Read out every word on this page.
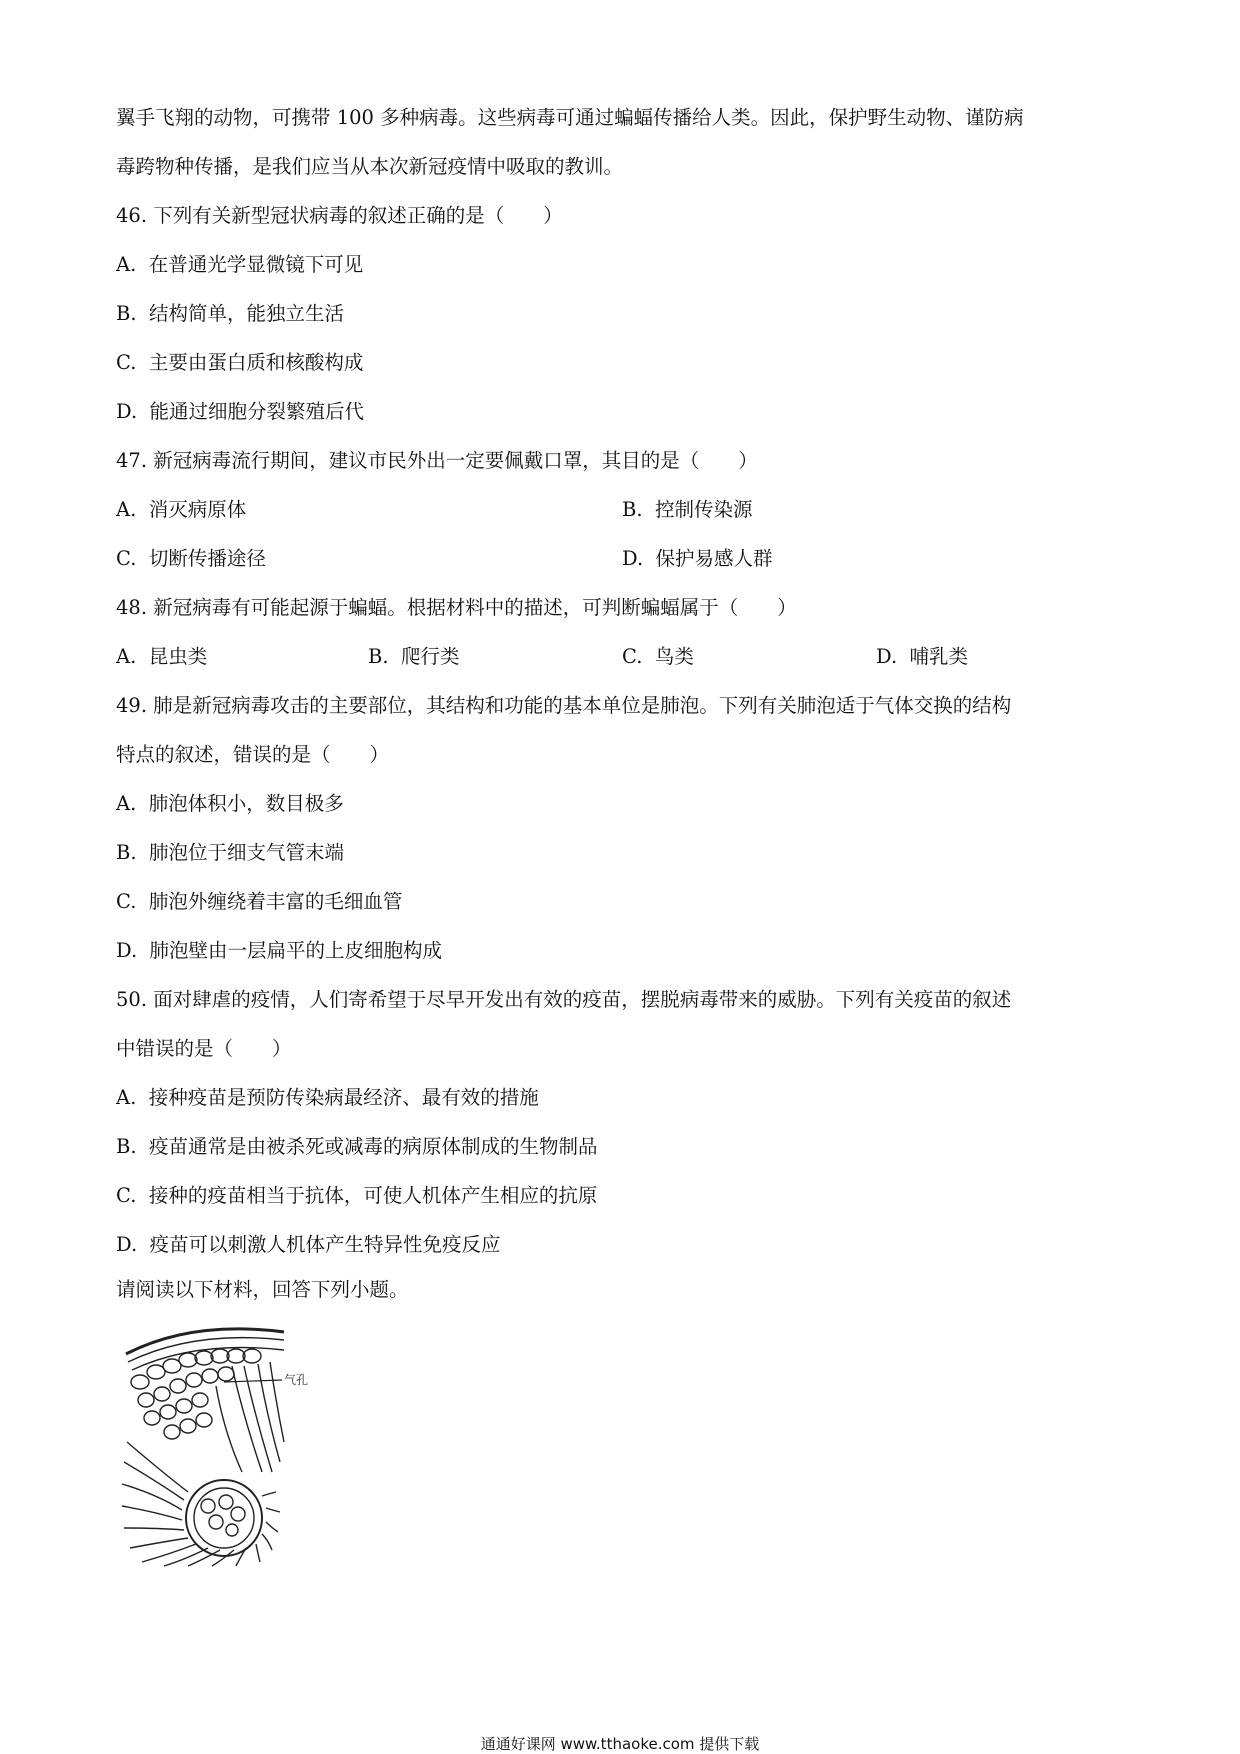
翼手飞翔的动物，可携带 100 多种病毒。这些病毒可通过蝙蝠传播给人类。因此，保护野生动物、谨防病
毒跨物种传播，是我们应当从本次新冠疫情中吸取的教训。
46. 下列有关新型冠状病毒的叙述正确的是（　　）
A. 在普通光学显微镜下可见
B. 结构简单，能独立生活
C. 主要由蛋白质和核酸构成
D. 能通过细胞分裂繁殖后代
47. 新冠病毒流行期间，建议市民外出一定要佩戴口罩，其目的是（　　）
A. 消灭病原体	B. 控制传染源
C. 切断传播途径	D. 保护易感人群
48. 新冠病毒有可能起源于蝙蝠。根据材料中的描述，可判断蝙蝠属于（　　）
A. 昆虫类	B. 爬行类	C. 鸟类	D. 哺乳类
49. 肺是新冠病毒攻击的主要部位，其结构和功能的基本单位是肺泡。下列有关肺泡适于气体交换的结构
特点的叙述，错误的是（　　）
A. 肺泡体积小，数目极多
B. 肺泡位于细支气管末端
C. 肺泡外缠绕着丰富的毛细血管
D. 肺泡壁由一层扁平的上皮细胞构成
50. 面对肆虐的疫情，人们寄希望于尽早开发出有效的疫苗，摆脱病毒带来的威胁。下列有关疫苗的叙述
中错误的是（　　）
A. 接种疫苗是预防传染病最经济、最有效的措施
B. 疫苗通常是由被杀死或减毒的病原体制成的生物制品
C. 接种的疫苗相当于抗体，可使人机体产生相应的抗原
D. 疫苗可以刺激人机体产生特异性免疫反应
请阅读以下材料，回答下列小题。
气孔
通通好课网 www.tthaoke.com 提供下载
